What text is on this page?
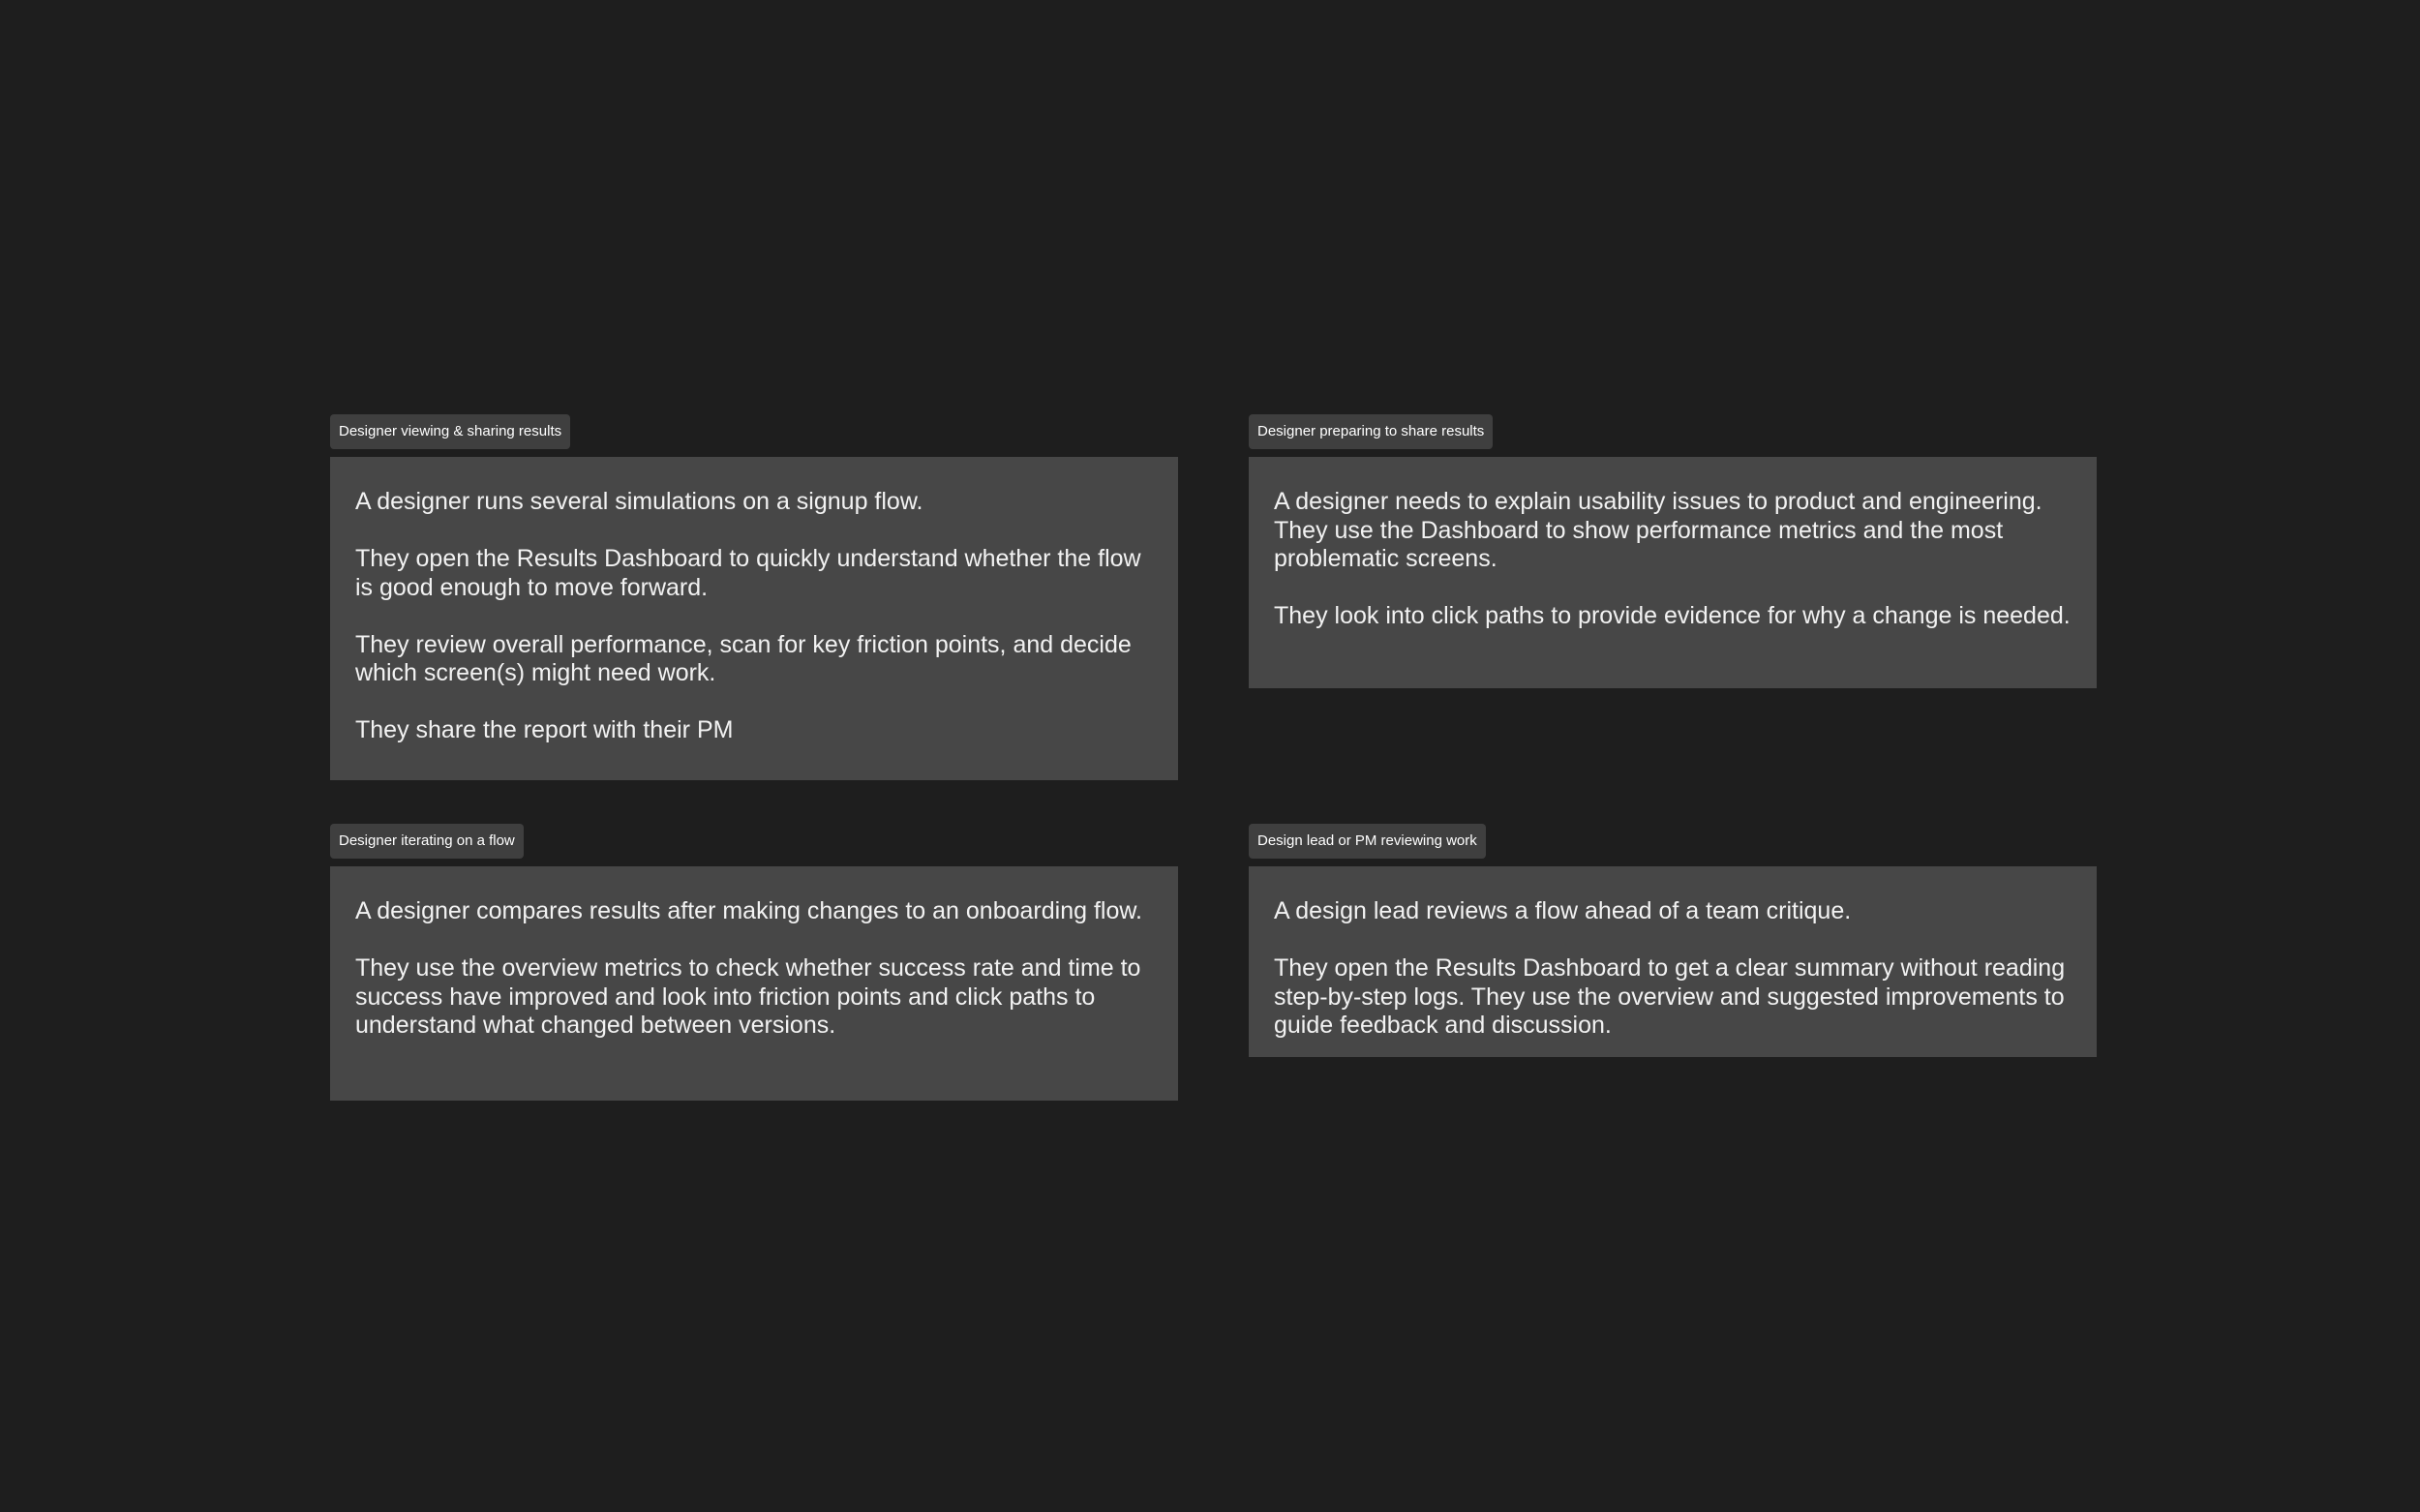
Designer viewing & sharing results

A designer runs several simulations on a signup flow.

They open the Results Dashboard to quickly understand whether the flow is good enough to move forward.

They review overall performance, scan for key friction points, and decide which screen(s) might need work.

They share the report with their PM

Designer preparing to share results

A designer needs to explain usability issues to product and engineering. They use the Dashboard to show performance metrics and the most problematic screens.

They look into click paths to provide evidence for why a change is needed.

Designer iterating on a flow

A designer compares results after making changes to an onboarding flow.

They use the overview metrics to check whether success rate and time to success have improved and look into friction points and click paths to understand what changed between versions.

Design lead or PM reviewing work

A design lead reviews a flow ahead of a team critique.

They open the Results Dashboard to get a clear summary without reading step-by-step logs. They use the overview and suggested improvements to guide feedback and discussion.
